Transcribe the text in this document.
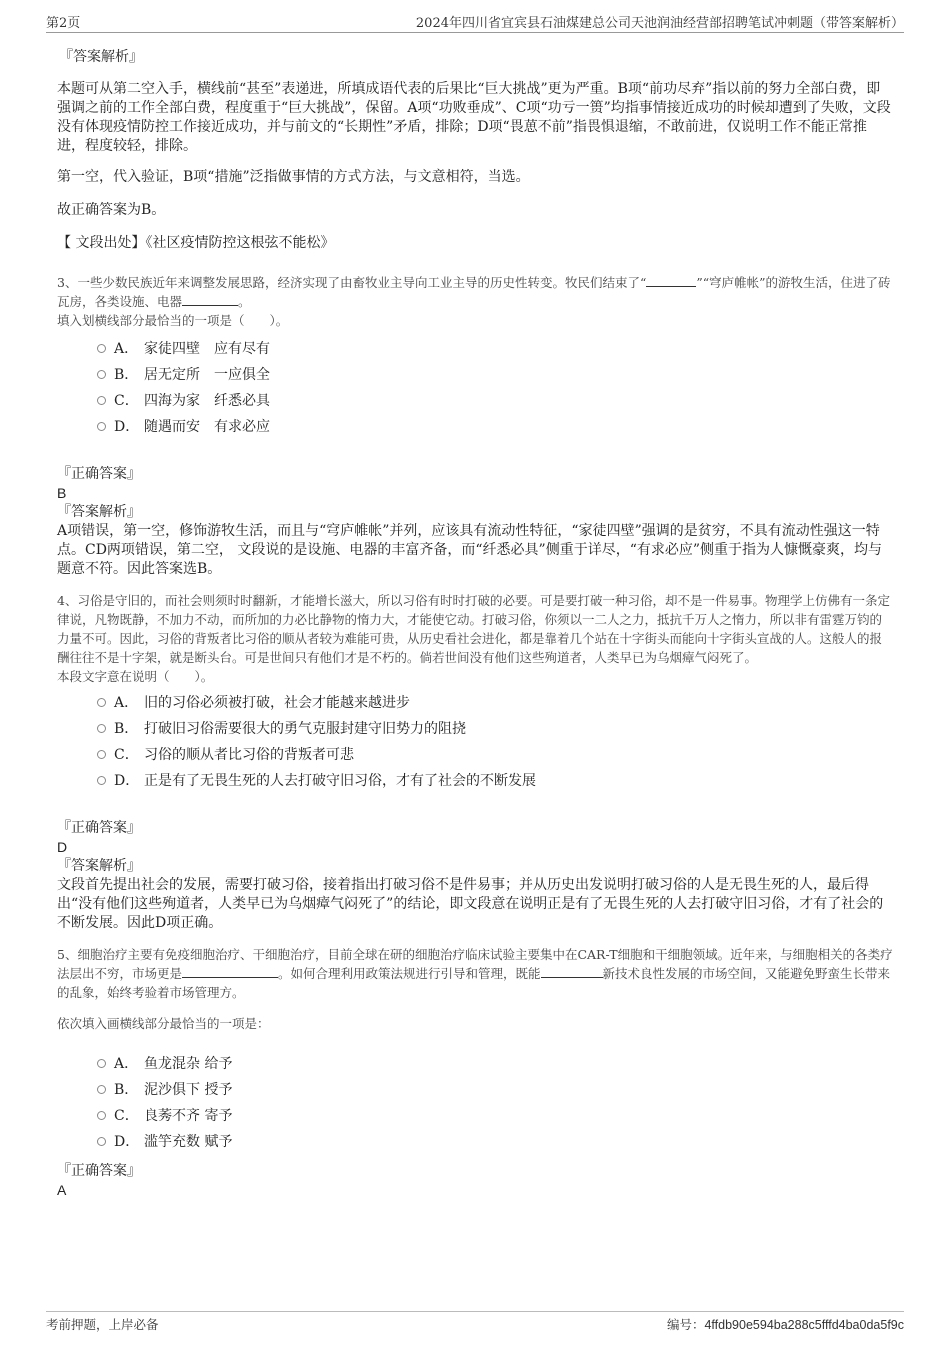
第2页	2024年四川省宜宾县石油煤建总公司天池润油经营部招聘笔试冲刺题（带答案解析）
『答案解析』

本题可从第二空入手，横线前“甚至”表递进，所填成语代表的后果比“巨大挑战”更为严重。B项“前功尽弃”指以前的努力全部白费，即强调之前的工作全部白费，程度重于“巨大挑战”，保留。A项“功败垂成”、C项“功亏一篑”均指事情接近成功的时候却遭到了失败，文段没有体现疫情防控工作接近成功，并与前文的“长期性”矛盾，排除；D项“畏葸不前”指畏惧退缩，不敢前进，仅说明工作不能正常推进，程度较轻，排除。

第一空，代入验证，B项“措施”泛指做事情的方式方法，与文意相符，当选。

故正确答案为B。

【 文段出处】《社区疫情防控这根弦不能松》

3、一些少数民族近年来调整发展思路，经济实现了由畜牧业主导向工业主导的历史性转变。牧民们结束了“	”“穹庐帷帐”的游牧生活，住进了砖瓦房，各类设施、电器	。

填入划横线部分最恰当的一项是（　　）。

A． 家徒四壁　应有尽有
B． 居无定所　一应俱全
C． 四海为家　纤悉必具
D． 随遇而安　有求必应
『正确答案』
B
『答案解析』

A项错误，第一空，修饰游牧生活，而且与“穹庐帷帐”并列，应该具有流动性特征，“家徒四壁”强调的是贫穷，不具有流动性强这一特点。CD两项错误，第二空， 文段说的是设施、电器的丰富齐备，而“纤悉必具”侧重于详尽，“有求必应”侧重于指为人慷慨豪爽，均与题意不符。因此答案选B。

4、习俗是守旧的，而社会则须时时翻新，才能增长滋大，所以习俗有时时打破的必要。可是要打破一种习俗，却不是一件易事。物理学上仿佛有一条定律说，凡物既静，不加力不动，而所加的力必比静物的惰力大，才能使它动。打破习俗，你须以一二人之力，抵抗千万人之惰力，所以非有雷霆万钧的力量不可。因此，习俗的背叛者比习俗的顺从者较为难能可贵，从历史看社会进化，都是靠着几个站在十字街头而能向十字街头宣战的人。这般人的报酬往往不是十字架，就是断头台。可是世间只有他们才是不朽的。倘若世间没有他们这些殉道者，人类早已为乌烟瘴气闷死了。

本段文字意在说明（　　）。

A． 旧的习俗必须被打破，社会才能越来越进步
B． 打破旧习俗需要很大的勇气克服封建守旧势力的阻挠
C． 习俗的顺从者比习俗的背叛者可悲
D． 正是有了无畏生死的人去打破守旧习俗，才有了社会的不断发展
『正确答案』
D
『答案解析』

文段首先提出社会的发展，需要打破习俗，接着指出打破习俗不是件易事；并从历史出发说明打破习俗的人是无畏生死的人，最后得出“没有他们这些殉道者，人类早已为乌烟瘴气闷死了”的结论，即文段意在说明正是有了无畏生死的人去打破守旧习俗，才有了社会的不断发展。因此D项正确。

5、细胞治疗主要有免疫细胞治疗、干细胞治疗，目前全球在研的细胞治疗临床试验主要集中在CAR-T细胞和干细胞领域。近年来，与细胞相关的各类疗法层出不穷，市场更是	。如何合理利用政策法规进行引导和管理，既能	新技术良性发展的市场空间，又能避免野蛮生长带来的乱象，始终考验着市场管理方。

依次填入画横线部分最恰当的一项是：

A． 鱼龙混杂 给予
B． 泥沙俱下 授予
C． 良莠不齐 寄予
D． 滥竽充数 赋予
『正确答案』
A
考前押题，上岸必备	编号：4ffdb90e594ba288c5fffd4ba0da5f9c
